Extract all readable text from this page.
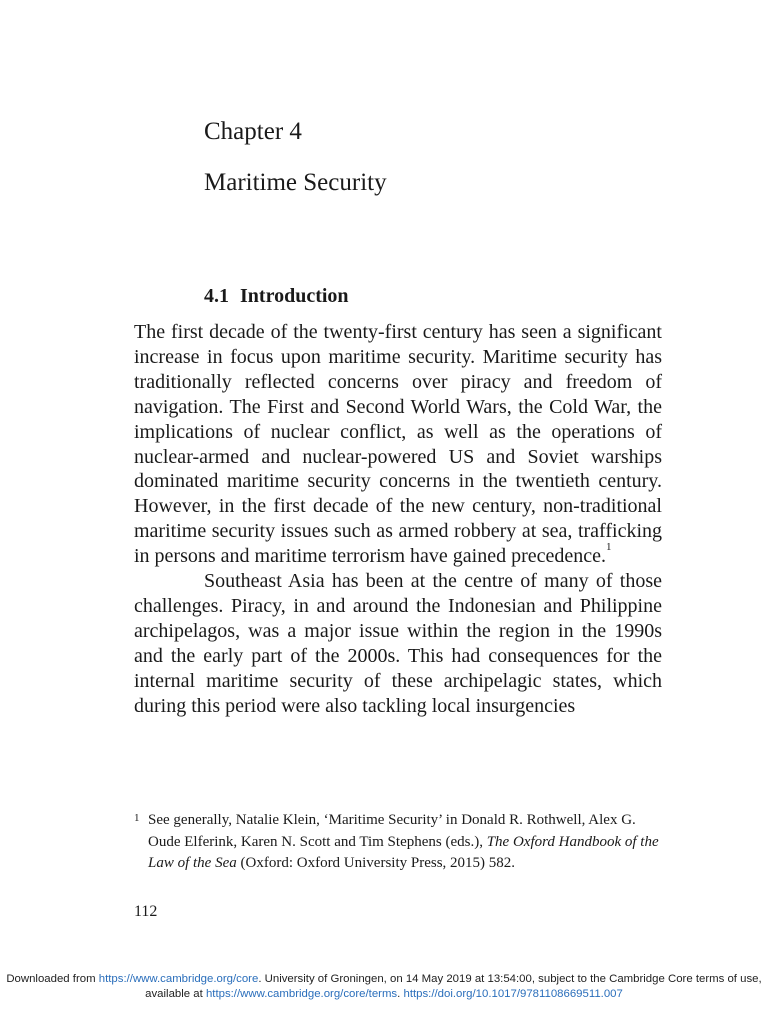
Chapter 4
Maritime Security
4.1 Introduction

The first decade of the twenty-first century has seen a significant increase in focus upon maritime security. Maritime security has traditionally reflected concerns over piracy and freedom of navigation. The First and Second World Wars, the Cold War, the implications of nuclear conflict, as well as the operations of nuclear-armed and nuclear-powered US and Soviet warships dominated maritime security concerns in the twentieth century. However, in the first decade of the new century, non-traditional maritime security issues such as armed robbery at sea, trafficking in persons and maritime terrorism have gained precedence.$^1$

Southeast Asia has been at the centre of many of those challenges. Piracy, in and around the Indonesian and Philippine archipelagos, was a major issue within the region in the 1990s and the early part of the 2000s. This had consequences for the internal maritime security of these archipelagic states, which during this period were also tackling local insurgencies

1 See generally, Natalie Klein, ‘Maritime Security’ in Donald R. Rothwell, Alex G. Oude Elferink, Karen N. Scott and Tim Stephens (eds.), The Oxford Handbook of the Law of the Sea (Oxford: Oxford University Press, 2015) 582.
112
Downloaded from https://www.cambridge.org/core. University of Groningen, on 14 May 2019 at 13:54:00, subject to the Cambridge Core terms of use, available at https://www.cambridge.org/core/terms. https://doi.org/10.1017/9781108669511.007
